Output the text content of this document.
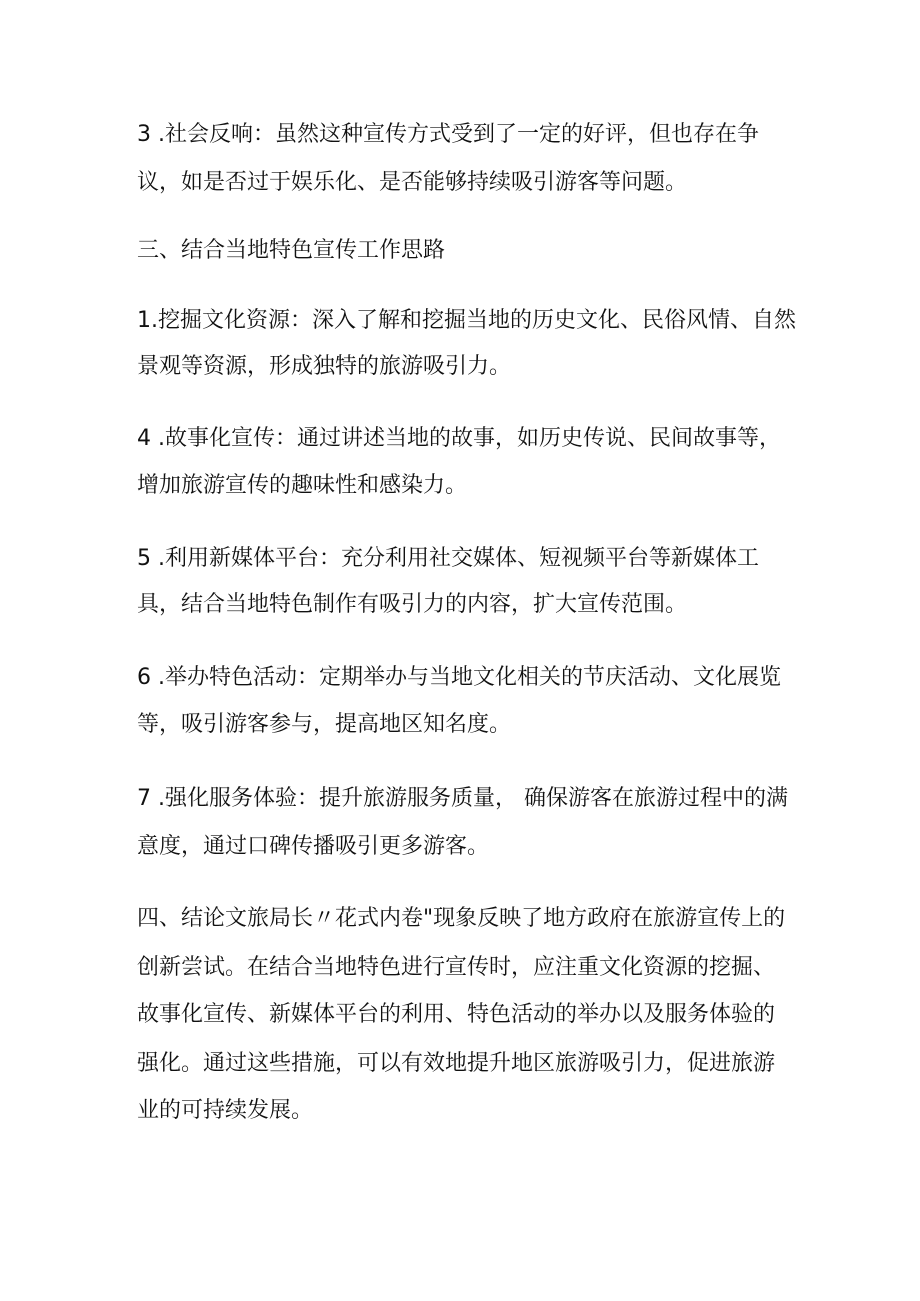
3 .社会反响：虽然这种宣传方式受到了一定的好评，但也存在争
议，如是否过于娱乐化、是否能够持续吸引游客等问题。
三、结合当地特色宣传工作思路
1.挖掘文化资源：深入了解和挖掘当地的历史文化、民俗风情、自然
景观等资源，形成独特的旅游吸引力。
4 .故事化宣传：通过讲述当地的故事，如历史传说、民间故事等，
增加旅游宣传的趣味性和感染力。
5 .利用新媒体平台：充分利用社交媒体、短视频平台等新媒体工
具，结合当地特色制作有吸引力的内容，扩大宣传范围。
6 .举办特色活动：定期举办与当地文化相关的节庆活动、文化展览
等，吸引游客参与，提高地区知名度。
7 .强化服务体验：提升旅游服务质量， 确保游客在旅游过程中的满
意度，通过口碑传播吸引更多游客。
四、结论文旅局长〃花式内卷"现象反映了地方政府在旅游宣传上的
创新尝试。在结合当地特色进行宣传时，应注重文化资源的挖掘、
故事化宣传、新媒体平台的利用、特色活动的举办以及服务体验的
强化。通过这些措施，可以有效地提升地区旅游吸引力，促进旅游
业的可持续发展。
